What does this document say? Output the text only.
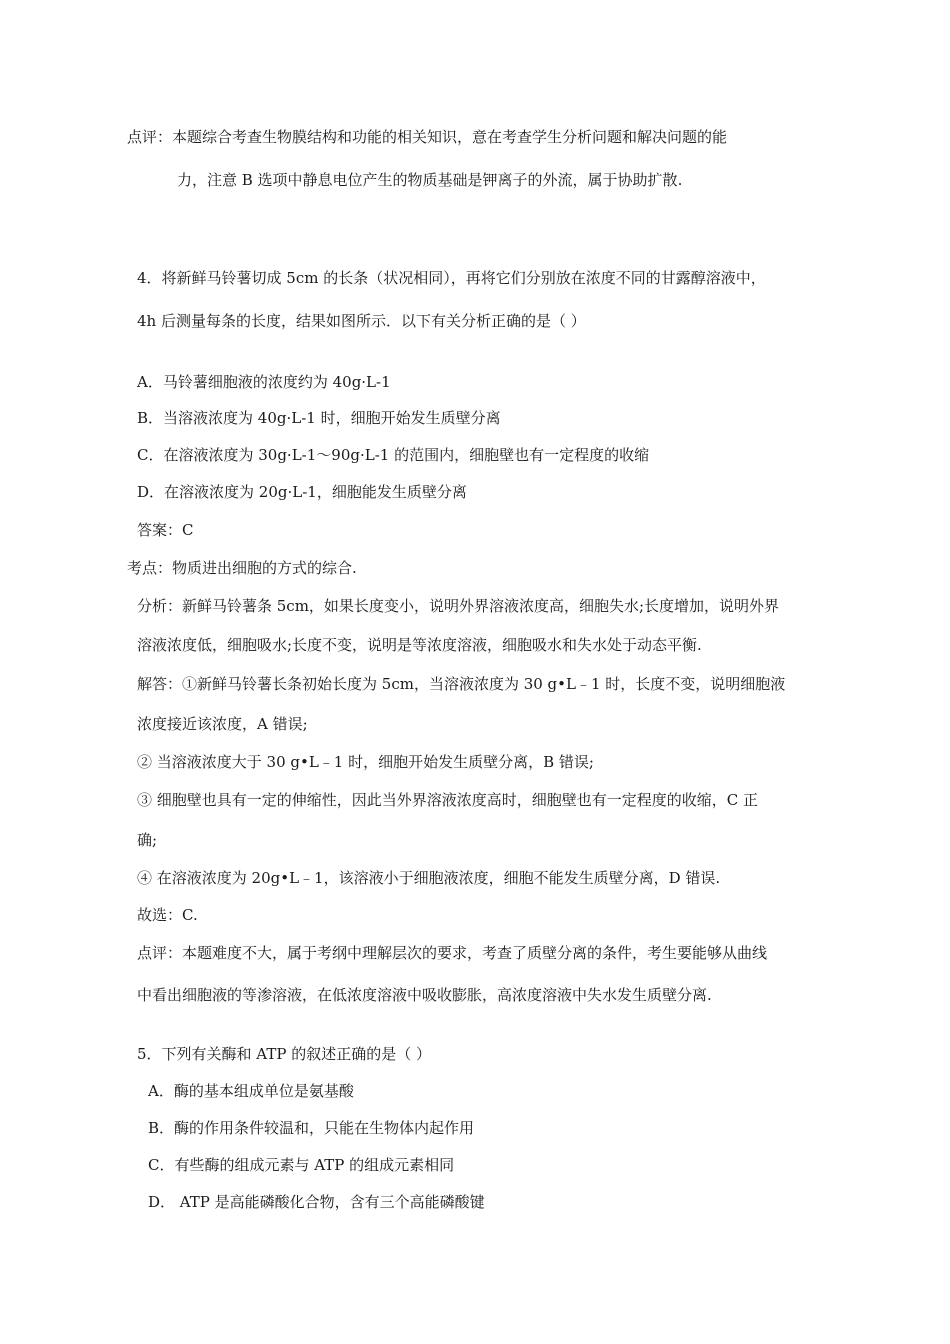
点评：本题综合考查生物膜结构和功能的相关知识，意在考查学生分析问题和解决问题的能
力，注意 B 选项中静息电位产生的物质基础是钾离子的外流，属于协助扩散.
4．将新鲜马铃薯切成 5cm 的长条（状况相同），再将它们分别放在浓度不同的甘露醇溶液中，
4h 后测量每条的长度，结果如图所示．以下有关分析正确的是（ ）
A．马铃薯细胞液的浓度约为 40g·L-1
B．当溶液浓度为 40g·L-1 时，细胞开始发生质壁分离
C．在溶液浓度为 30g·L-1～90g·L-1 的范围内，细胞壁也有一定程度的收缩
D．在溶液浓度为 20g·L-1，细胞能发生质壁分离
答案：C
考点：物质进出细胞的方式的综合.
分析：新鲜马铃薯条 5cm，如果长度变小，说明外界溶液浓度高，细胞失水;长度增加，说明外界
溶液浓度低，细胞吸水;长度不变，说明是等浓度溶液，细胞吸水和失水处于动态平衡.
解答：①新鲜马铃薯长条初始长度为 5cm，当溶液浓度为 30 g•L﹣1 时，长度不变，说明细胞液
浓度接近该浓度，A 错误;
② 当溶液浓度大于 30 g•L﹣1 时，细胞开始发生质壁分离，B 错误;
③ 细胞壁也具有一定的伸缩性，因此当外界溶液浓度高时，细胞壁也有一定程度的收缩，C 正
确;
④ 在溶液浓度为 20g•L﹣1，该溶液小于细胞液浓度，细胞不能发生质壁分离，D 错误.
故选：C.
点评：本题难度不大，属于考纲中理解层次的要求，考查了质壁分离的条件，考生要能够从曲线
中看出细胞液的等渗溶液，在低浓度溶液中吸收膨胀，高浓度溶液中失水发生质壁分离.
5．下列有关酶和 ATP 的叙述正确的是（ ）
A．酶的基本组成单位是氨基酸
B．酶的作用条件较温和，只能在生物体内起作用
C．有些酶的组成元素与 ATP 的组成元素相同
D． ATP 是高能磷酸化合物，含有三个高能磷酸键
